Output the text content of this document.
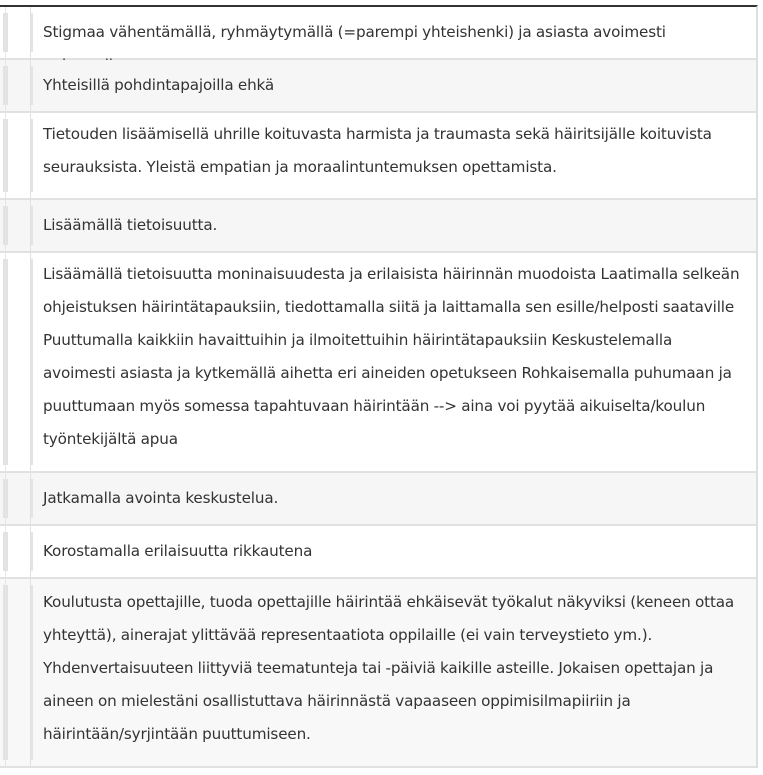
Stigmaa vähentämällä, ryhmäytymällä (=parempi yhteishenki) ja asiasta avoimesti
Yhteisillä pohdintapajoilla ehkä
Tietouden lisäämisellä uhrille koituvasta harmista ja traumasta sekä häiritsijälle koituvista seurauksista. Yleistä empatian ja moraalintuntemuksen opettamista.
Lisäämällä tietoisuutta.
Lisäämällä tietoisuutta moninaisuudesta ja erilaisista häirinnän muodoista Laatimalla selkeän ohjeistuksen häirintätapauksiin, tiedottamalla siitä ja laittamalla sen esille/helposti saataville Puuttumalla kaikkiin havaittuihin ja ilmoitettuihin häirintätapauksiin Keskustelemalla avoimesti asiasta ja kytkemällä aihetta eri aineiden opetukseen Rohkaisemalla puhumaan ja puuttumaan myös somessa tapahtuvaan häirintään --> aina voi pyytää aikuiselta/koulun työntekijältä apua
Jatkamalla avointa keskustelua.
Korostamalla erilaisuutta rikkautena
Koulutusta opettajille, tuoda opettajille häirintää ehkäisevät työkalut näkyviksi (keneen ottaa yhteyttä), ainerajat ylittävää representaatiota oppilaille (ei vain terveystieto ym.). Yhdenvertaisuuteen liittyviä teematunteja tai -päiviä kaikille asteille. Jokaisen opettajan ja aineen on mielestäni osallistuttava häirinnästä vapaaseen oppimisilmapiiriin ja häirintään/syrjintään puuttumiseen.
